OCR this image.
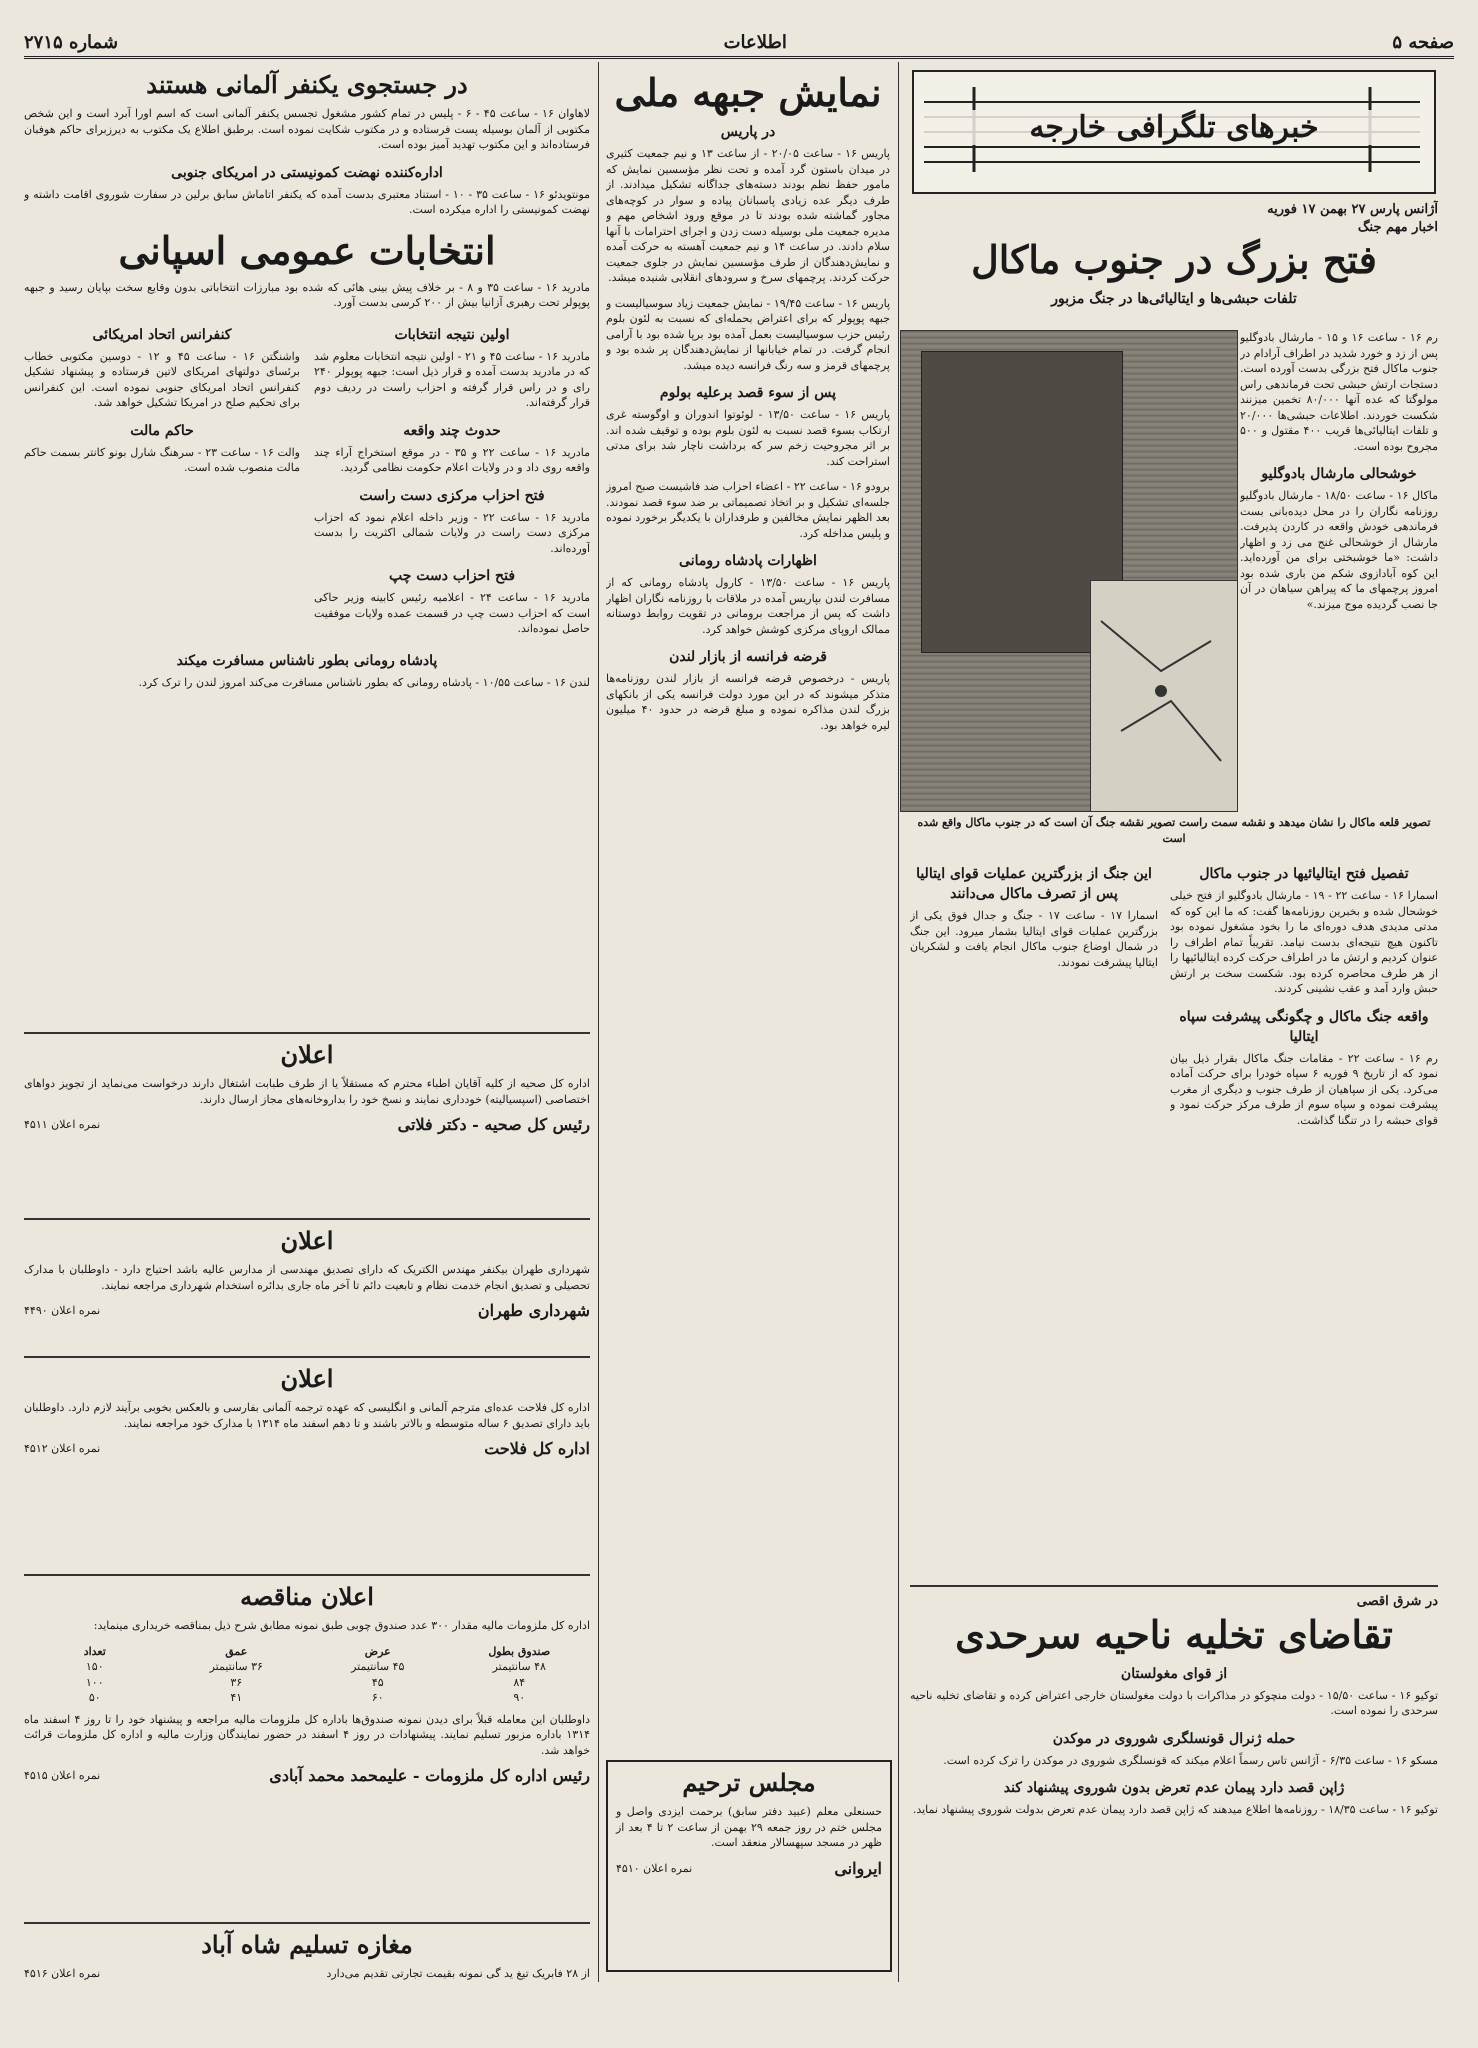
صفحه ۵
اطلاعات
شماره ۲۷۱۵
خبرهای تلگرافی خارجه
آژانس پارس ۲۷ بهمن ۱۷ فوریه
اخبار مهم جنگ
فتح بزرگ در جنوب ماکال
تلفات حبشی‌ها و ایتالیائی‌ها در جنگ مزبور
رم ۱۶ - ساعت ۱۶ و ۱۵ - مارشال بادوگلیو پس از زد و خورد شدید در اطراف آرادام در جنوب ماکال فتح بزرگی بدست آورده است. دستجات ارتش حبشی تحت فرماندهی راس مولوگتا که عده آنها ۸۰/۰۰۰ تخمین میزنند شکست خوردند. اطلاعات حبشی‌ها ۲۰/۰۰۰ و تلفات ایتالیائی‌ها قریب ۴۰۰ مقتول و ۵۰۰ مجروح بوده است.
خوشحالی مارشال بادوگلیو
ماکال ۱۶ - ساعت ۱۸/۵۰ - مارشال بادوگلیو روزنامه نگاران را در محل دیده‌بانی بست فرماندهی خودش واقعه در کاردن پذیرفت. مارشال از خوشحالی غنج می زد و اظهار داشت: «ما خوشبختی برای من آورده‌اید. این کوه آبادازوی شکم من باری شده بود امروز پرچمهای ما که پیراهن سیاهان در آن جا نصب گردیده موج میزند.»
تصویر قلعه ماکال را نشان میدهد و نقشه سمت راست تصویر نقشه جنگ آن است که در جنوب ماکال واقع شده است
تفصیل فتح ایتالیائیها در جنوب ماکال
اسمارا ۱۶ - ساعت ۲۲ - ۱۹ - مارشال بادوگلیو از فتح خیلی خوشحال شده و بخبرین روزنامه‌ها گفت: که ما این کوه که مدتی مدیدی هدف دوره‌ای ما را بخود مشغول نموده بود تاکنون هیچ نتیجه‌ای بدست نیامد. تقریباً تمام اطراف را عنوان کردیم و ارتش ما در اطراف حرکت کرده ایتالیائیها را از هر طرف محاصره کرده بود. شکست سخت بر ارتش حبش وارد آمد و عقب نشینی کردند.
واقعه جنگ ماکال و چگونگی پیشرفت سپاه ایتالیا
رم ۱۶ - ساعت ۲۲ - مقامات جنگ ماکال بقرار ذیل بیان نمود که از تاریخ ۹ فوریه ۶ سپاه خودرا برای حرکت آماده می‌کرد. یکی از سپاهیان از طرف جنوب و دیگری از مغرب پیشرفت نموده و سپاه سوم از طرف مرکز حرکت نمود و قوای حبشه را در تنگنا گذاشت.
این جنگ از بزرگترین عملیات قوای ایتالیا پس از تصرف ماکال می‌دانند
اسمارا ۱۷ - ساعت ۱۷ - جنگ و جدال فوق یکی از بزرگترین عملیات قوای ایتالیا بشمار میرود. این جنگ در شمال اوضاع جنوب ماکال انجام یافت و لشکریان ایتالیا پیشرفت نمودند.
در شرق اقصی
تقاضای تخلیه ناحیه سرحدی
از قوای مغولستان
توکیو ۱۶ - ساعت ۱۵/۵۰ - دولت منچوکو در مذاکرات با دولت مغولستان خارجی اعتراض کرده و تقاضای تخلیه ناحیه سرحدی را نموده است.
حمله ژنرال قونسلگری شوروی در موکدن
مسکو ۱۶ - ساعت ۶/۳۵ - آژانس تاس رسماً اعلام میکند که قونسلگری شوروی در موکدن را ترک کرده است.
ژاپن قصد دارد پیمان عدم تعرض بدون شوروی پیشنهاد کند
توکیو ۱۶ - ساعت ۱۸/۳۵ - روزنامه‌ها اطلاع میدهند که ژاپن قصد دارد پیمان عدم تعرض بدولت شوروی پیشنهاد نماید.
نمایش جبهه ملی
در پاریس
پاریس ۱۶ - ساعت ۲۰/۰۵ - از ساعت ۱۳ و نیم جمعیت کثیری در میدان باستون گرد آمده و تحت نظر مؤسسین نمایش که مامور حفظ نظم بودند دسته‌های جداگانه تشکیل میدادند. از طرف دیگر عده زیادی پاسبانان پیاده و سوار در کوچه‌های مجاور گماشته شده بودند تا در موقع ورود اشخاص مهم و مدیره جمعیت ملی بوسیله دست زدن و اجرای احترامات با آنها سلام دادند. در ساعت ۱۴ و نیم جمعیت آهسته به حرکت آمده و نمایش‌دهندگان از طرف مؤسسین نمایش در جلوی جمعیت حرکت کردند. پرچمهای سرخ و سرودهای انقلابی شنیده میشد.
پاریس ۱۶ - ساعت ۱۹/۴۵ - نمایش جمعیت زیاد سوسیالیست و جبهه پوپولر که برای اعتراض بحمله‌ای که نسبت به لئون بلوم رئیس حزب سوسیالیست بعمل آمده بود برپا شده بود با آرامی انجام گرفت. در تمام خیابانها از نمایش‌دهندگان پر شده بود و پرچمهای قرمز و سه رنگ فرانسه دیده میشد.
پس از سوء قصد برعلیه بولوم
پاریس ۱۶ - ساعت ۱۳/۵۰ - لوئوتوا اندوران و اوگوسته غری ارتکاب بسوء قصد نسبت به لئون بلوم بوده و توقیف شده اند. بر اثر مجروحیت زخم سر که برداشت ناچار شد برای مدتی استراحت کند.
برودو ۱۶ - ساعت ۲۲ - اعضاء احزاب ضد فاشیست صبح امروز جلسه‌ای تشکیل و بر اتخاذ تصمیماتی بر ضد سوء قصد نمودند. بعد الظهر نمایش مخالفین و طرفداران با یکدیگر برخورد نموده و پلیس مداخله کرد.
اظهارات پادشاه رومانی
پاریس ۱۶ - ساعت ۱۳/۵۰ - کارول پادشاه رومانی که از مسافرت لندن بپاریس آمده در ملاقات با روزنامه نگاران اظهار داشت که پس از مراجعت برومانی در تقویت روابط دوستانه ممالک اروپای مرکزی کوشش خواهد کرد.
قرضه فرانسه از بازار لندن
پاریس - درخصوص قرضه فرانسه از بازار لندن روزنامه‌ها متذکر میشوند که در این مورد دولت فرانسه یکی از بانکهای بزرگ لندن مذاکره نموده و مبلغ قرضه در حدود ۴۰ میلیون لیره خواهد بود.
مجلس ترحیم
حسنعلی معلم (عبید دفتر سابق) برحمت ایزدی واصل و مجلس ختم در روز جمعه ۲۹ بهمن از ساعت ۲ تا ۴ بعد از ظهر در مسجد سپهسالار منعقد است.
ایروانی
نمره اعلان ۴۵۱۰
در جستجوی یکنفر آلمانی هستند
لاهاوان ۱۶ - ساعت ۴۵ - ۶ - پلیس در تمام کشور مشغول تجسس یکنفر آلمانی است که اسم اورا آبرد است و این شخص مکتوبی از آلمان بوسیله پست فرستاده و در مکتوب شکایت نموده است. برطبق اطلاع یک مکتوب به دیرزبرای حاکم هوفبان فرستاده‌اند و این مکتوب تهدید آمیز بوده است.
اداره‌کننده نهضت کمونیستی در امریکای جنوبی
مونتویدئو ۱۶ - ساعت ۳۵ - ۱۰ - استناد معتبری بدست آمده که یکنفر اتاماش سابق برلین در سفارت شوروی اقامت داشته و نهضت کمونیستی را اداره میکرده است.
انتخابات عمومی اسپانی
مادرید ۱۶ - ساعت ۳۵ و ۸ - بر خلاف پیش بینی هائی که شده بود مبارزات انتخاباتی بدون وقایع سخت بپایان رسید و جبهه پوپولر تحت رهبری آزانیا بیش از ۲۰۰ کرسی بدست آورد.
اولین نتیجه انتخابات
مادرید ۱۶ - ساعت ۴۵ و ۲۱ - اولین نتیجه انتخابات معلوم شد که در مادرید بدست آمده و قرار ذیل است: جبهه پوپولر ۲۴۰ رای و در راس قرار گرفته و احزاب راست در ردیف دوم قرار گرفته‌اند.
حدوث چند واقعه
مادرید ۱۶ - ساعت ۲۲ و ۳۵ - در موقع استخراج آراء چند واقعه روی داد و در ولایات اعلام حکومت نظامی گردید.
فتح احزاب مرکزی دست راست
مادرید ۱۶ - ساعت ۲۲ - وزیر داخله اعلام نمود که احزاب مرکزی دست راست در ولایات شمالی اکثریت را بدست آورده‌اند.
فتح احزاب دست چپ
مادرید ۱۶ - ساعت ۲۴ - اعلامیه رئیس کابینه وزیر حاکی است که احزاب دست چپ در قسمت عمده ولایات موفقیت حاصل نموده‌اند.
کنفرانس اتحاد امریکائی
واشنگتن ۱۶ - ساعت ۴۵ و ۱۲ - دوسین مکتوبی خطاب برئسای دولتهای امریکای لاتین فرستاده و پیشنهاد تشکیل کنفرانس اتحاد امریکای جنوبی نموده است. این کنفرانس برای تحکیم صلح در امریکا تشکیل خواهد شد.
حاکم مالت
والت ۱۶ - ساعت ۲۳ - سرهنگ شارل بونو کانتر بسمت حاکم مالت منصوب شده است.
پادشاه رومانی بطور ناشناس مسافرت میکند
لندن ۱۶ - ساعت ۱۰/۵۵ - پادشاه رومانی که بطور ناشناس مسافرت می‌کند امروز لندن را ترک کرد.
اعلان
اداره کل صحیه از کلیه آقایان اطباء محترم که مستقلاً یا از طرف طبابت اشتغال دارند درخواست می‌نماید از تجویز دواهای اختصاصی (اسپسیالیته) خودداری نمایند و نسخ خود را بداروخانه‌های مجاز ارسال دارند.
رئیس کل صحیه - دکتر فلاتی
نمره اعلان ۴۵۱۱
اعلان
شهرداری طهران بیکنفر مهندس الکتریک که دارای تصدیق مهندسی از مدارس عالیه باشد احتیاج دارد - داوطلبان با مدارک تحصیلی و تصدیق انجام خدمت نظام و تابعیت دائم تا آخر ماه جاری بدائره استخدام شهرداری مراجعه نمایند.
شهرداری طهران
نمره اعلان ۴۴۹۰
اعلان
اداره کل فلاحت عده‌ای مترجم آلمانی و انگلیسی که عهده ترجمه آلمانی بفارسی و بالعکس بخوبی برآیند لازم دارد. داوطلبان باید دارای تصدیق ۶ ساله متوسطه و بالاتر باشند و تا دهم اسفند ماه ۱۳۱۴ با مدارک خود مراجعه نمایند.
اداره کل فلاحت
نمره اعلان ۴۵۱۲
اعلان مناقصه
اداره کل ملزومات مالیه مقدار ۳۰۰ عدد صندوق چوبی طبق نمونه مطابق شرح ذیل بمناقصه خریداری مینماید:
صندوق بطول
عرض
عمق
تعداد
۴۸ سانتیمتر
۴۵ سانتیمتر
۳۶ سانتیمتر
۱۵۰
۸۴
۴۵
۳۶
۱۰۰
۹۰
۶۰
۴۱
۵۰
داوطلبان این معامله قبلاً برای دیدن نمونه صندوق‌ها باداره کل ملزومات مالیه مراجعه و پیشنهاد خود را تا روز ۴ اسفند ماه ۱۳۱۴ باداره مزبور تسلیم نمایند. پیشنهادات در روز ۴ اسفند در حضور نمایندگان وزارت مالیه و اداره کل ملزومات قرائت خواهد شد.
رئیس اداره کل ملزومات - علیمحمد محمد آبادی
نمره اعلان ۴۵۱۵
مغازه تسلیم شاه آباد
از ۲۸ فابریک تیغ ید گی نمونه بقیمت تجارتی تقدیم می‌دارد
نمره اعلان ۴۵۱۶
